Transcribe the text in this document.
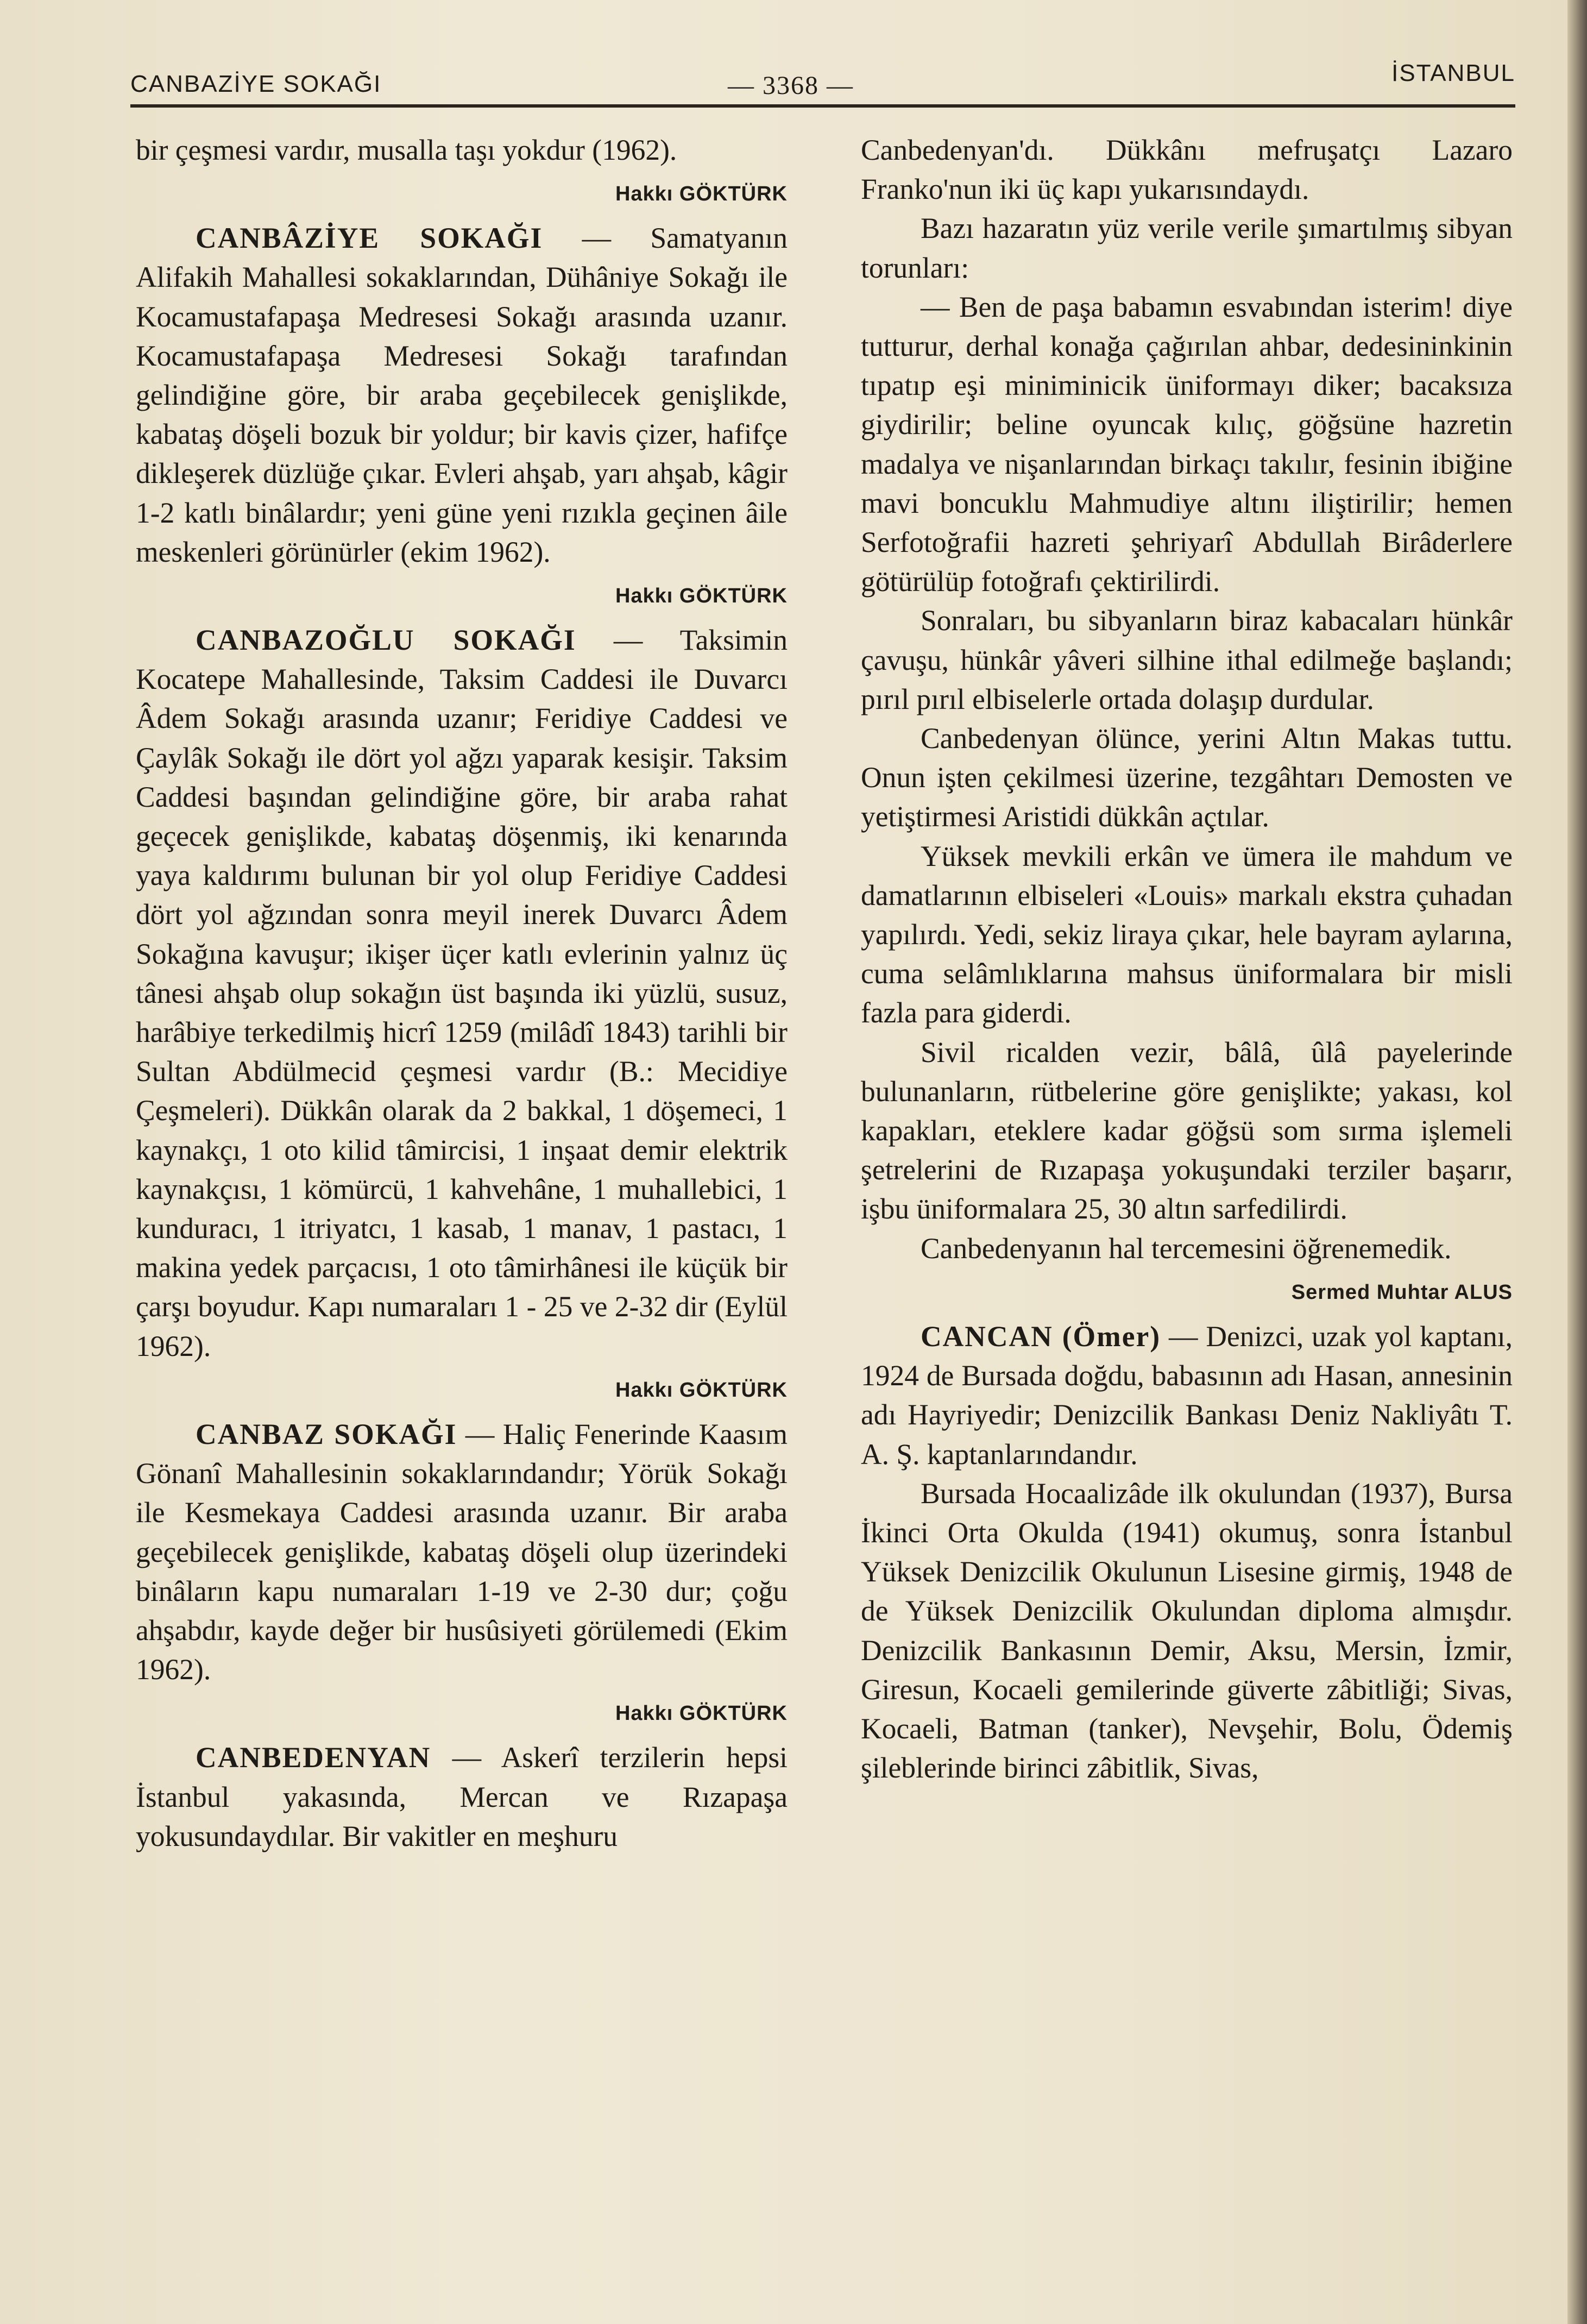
CANBAZİYE SOKAĞI	— 3368 —	İSTANBUL

bir çeşmesi vardır, musalla taşı yokdur (1962).

Hakkı GÖKTÜRK

CANBÂZİYE SOKAĞI — Samatyanın Alifakih Mahallesi sokaklarından, Dühâniye Sokağı ile Kocamustafapaşa Medresesi Sokağı arasında uzanır. Kocamustafapaşa Medresesi Sokağı tarafından gelindiğine göre, bir araba geçebilecek genişlikde, kabataş döşeli bozuk bir yoldur; bir kavis çizer, hafifçe dikleşerek düzlüğe çıkar. Evleri ahşab, yarı ahşab, kâgir 1-2 katlı binâlardır; yeni güne yeni rızıkla geçinen âile meskenleri görünürler (ekim 1962).

Hakkı GÖKTÜRK

CANBAZOĞLU SOKAĞI — Taksimin Kocatepe Mahallesinde, Taksim Caddesi ile Duvarcı Âdem Sokağı arasında uzanır; Feridiye Caddesi ve Çaylâk Sokağı ile dört yol ağzı yaparak kesişir. Taksim Caddesi başından gelindiğine göre, bir araba rahat geçecek genişlikde, kabataş döşenmiş, iki kenarında yaya kaldırımı bulunan bir yol olup Feridiye Caddesi dört yol ağzından sonra meyil inerek Duvarcı Âdem Sokağına kavuşur; ikişer üçer katlı evlerinin yalnız üç tânesi ahşab olup sokağın üst başında iki yüzlü, susuz, harâbiye terkedilmiş hicrî 1259 (milâdî 1843) tarihli bir Sultan Abdülmecid çeşmesi vardır (B.: Mecidiye Çeşmeleri). Dükkân olarak da 2 bakkal, 1 döşemeci, 1 kaynakçı, 1 oto kilid tâmircisi, 1 inşaat demir elektrik kaynakçısı, 1 kömürcü, 1 kahvehâne, 1 muhallebici, 1 kunduracı, 1 itriyatcı, 1 kasab, 1 manav, 1 pastacı, 1 makina yedek parçacısı, 1 oto tâmirhânesi ile küçük bir çarşı boyudur. Kapı numaraları 1 - 25 ve 2-32 dir (Eylül 1962).

Hakkı GÖKTÜRK

CANBAZ SOKAĞI — Haliç Fenerinde Kaasım Gönanî Mahallesinin sokaklarındandır; Yörük Sokağı ile Kesmekaya Caddesi arasında uzanır. Bir araba geçebilecek genişlikde, kabataş döşeli olup üzerindeki binâların kapu numaraları 1-19 ve 2-30 dur; çoğu ahşabdır, kayde değer bir husûsiyeti görülemedi (Ekim 1962).

Hakkı GÖKTÜRK

CANBEDENYAN — Askerî terzilerin hepsi İstanbul yakasında, Mercan ve Rızapaşa yokusundaydılar. Bir vakitler en meşhuru

Canbedenyan'dı. Dükkânı mefruşatçı Lazaro Franko'nun iki üç kapı yukarısındaydı.

Bazı hazaratın yüz verile verile şımartılmış sibyan torunları:

— Ben de paşa babamın esvabından isterim! diye tutturur, derhal konağa çağırılan ahbar, dedesininkinin tıpatıp eşi miniminicik üniformayı diker; bacaksıza giydirilir; beline oyuncak kılıç, göğsüne hazretin madalya ve nişanlarından birkaçı takılır, fesinin ibiğine mavi boncuklu Mahmudiye altını iliştirilir; hemen Serfotoğrafii hazreti şehriyarî Abdullah Birâderlere götürülüp fotoğrafı çektirilirdi.

Sonraları, bu sibyanların biraz kabacaları hünkâr çavuşu, hünkâr yâveri silhine ithal edilmeğe başlandı; pırıl pırıl elbiselerle ortada dolaşıp durdular.

Canbedenyan ölünce, yerini Altın Makas tuttu. Onun işten çekilmesi üzerine, tezgâhtarı Demosten ve yetiştirmesi Aristidi dükkân açtılar.

Yüksek mevkili erkân ve ümera ile mahdum ve damatlarının elbiseleri «Louis» markalı ekstra çuhadan yapılırdı. Yedi, sekiz liraya çıkar, hele bayram aylarına, cuma selâmlıklarına mahsus üniformalara bir misli fazla para giderdi.

Sivil ricalden vezir, bâlâ, ûlâ payelerinde bulunanların, rütbelerine göre genişlikte; yakası, kol kapakları, eteklere kadar göğsü som sırma işlemeli şetrelerini de Rızapaşa yokuşundaki terziler başarır, işbu üniformalara 25, 30 altın sarfedilirdi.

Canbedenyanın hal tercemesini öğrenemedik.

Sermed Muhtar ALUS

CANCAN (Ömer) — Denizci, uzak yol kaptanı, 1924 de Bursada doğdu, babasının adı Hasan, annesinin adı Hayriyedir; Denizcilik Bankası Deniz Nakliyâtı T. A. Ş. kaptanlarındandır.

Bursada Hocaalizâde ilk okulundan (1937), Bursa İkinci Orta Okulda (1941) okumuş, sonra İstanbul Yüksek Denizcilik Okulunun Lisesine girmiş, 1948 de de Yüksek Denizcilik Okulundan diploma almışdır. Denizcilik Bankasının Demir, Aksu, Mersin, İzmir, Giresun, Kocaeli gemilerinde güverte zâbitliği; Sivas, Kocaeli, Batman (tanker), Nevşehir, Bolu, Ödemiş şileblerinde birinci zâbitlik, Sivas,
